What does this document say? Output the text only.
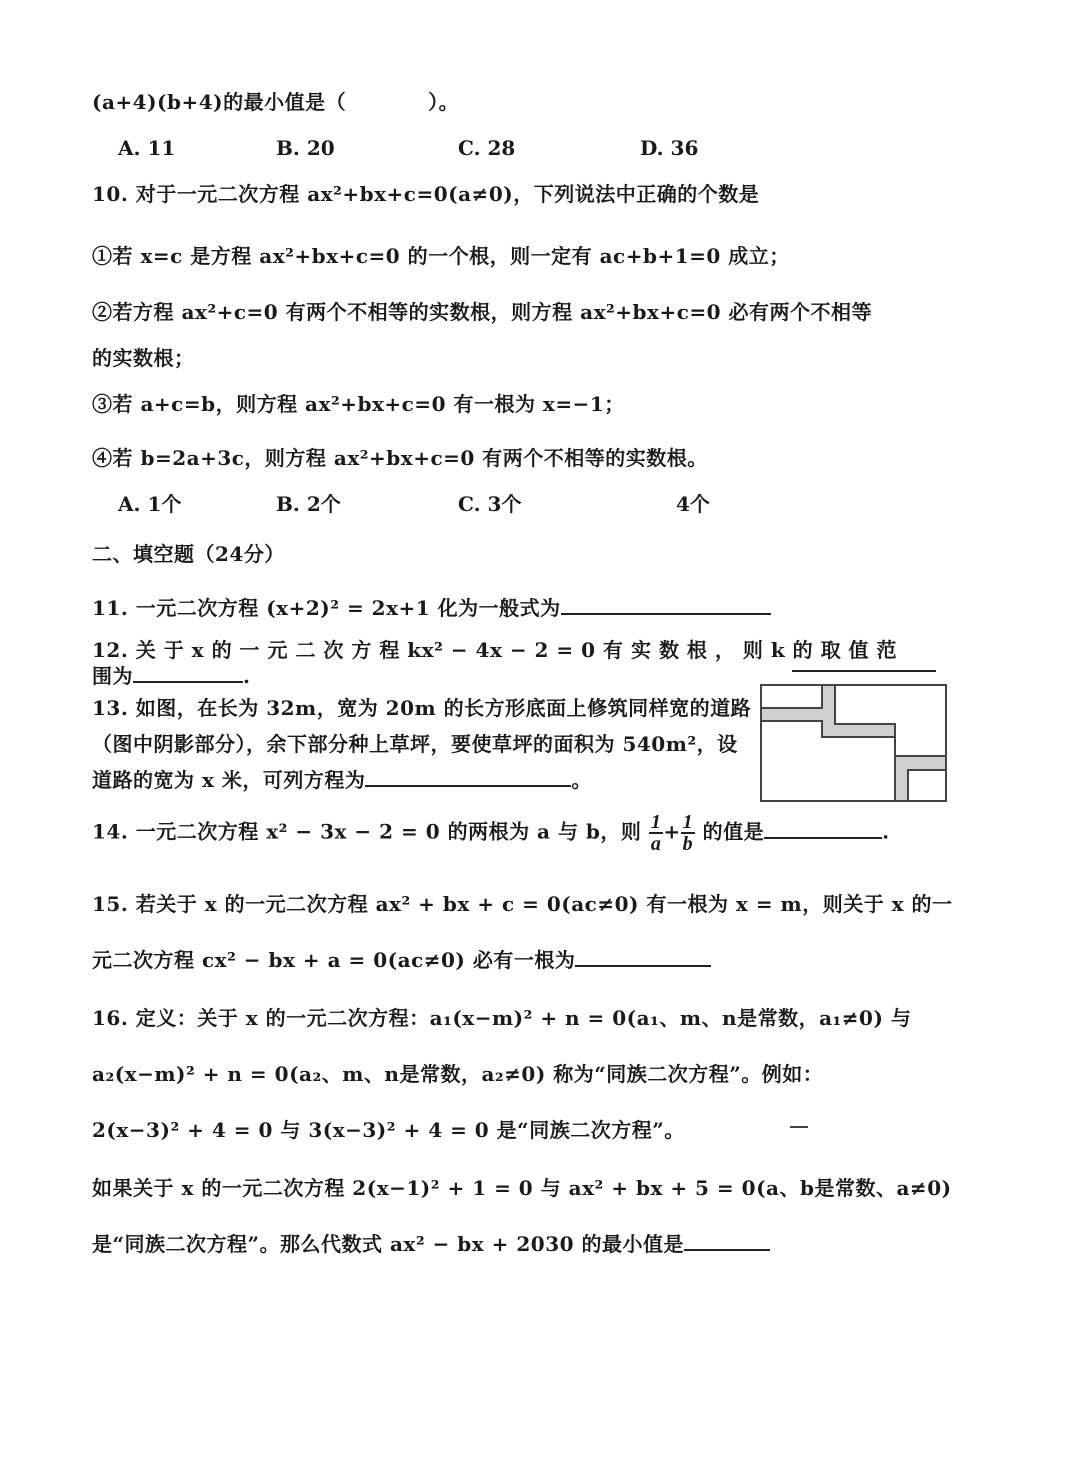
(a+4)(b+4)的最小值是（　　　　）。
A. 11	B. 20	C. 28	D. 36
10. 对于一元二次方程 ax²+bx+c=0(a≠0)，下列说法中正确的个数是
①若 x=c 是方程 ax²+bx+c=0 的一个根，则一定有 ac+b+1=0 成立；
②若方程 ax²+c=0 有两个不相等的实数根，则方程 ax²+bx+c=0 必有两个不相等
的实数根；
③若 a+c=b，则方程 ax²+bx+c=0 有一根为 x=−1；
④若 b=2a+3c，则方程 ax²+bx+c=0 有两个不相等的实数根。
A. 1个	B. 2个	C. 3个	4个
二、填空题（24分）
11. 一元二次方程 (x+2)² = 2x+1 化为一般式为
12. 关 于 x 的 一 元 二 次 方 程 kx² − 4x − 2 = 0 有 实 数 根 ， 则 k 的 取 值 范
围为	.
13. 如图，在长为 32m，宽为 20m 的长方形底面上修筑同样宽的道路
（图中阴影部分），余下部分种上草坪，要使草坪的面积为 540m²，设
道路的宽为 x 米，可列方程为	。
14. 一元二次方程 x² − 3x − 2 = 0 的两根为 a 与 b，则 $\frac{1}{a} + \frac{1}{b}$ 的值是	.
15. 若关于 x 的一元二次方程 ax² + bx + c = 0(ac≠0) 有一根为 x = m，则关于 x 的一
元二次方程 cx² − bx + a = 0(ac≠0) 必有一根为
16. 定义：关于 x 的一元二次方程：a₁(x−m)² + n = 0(a₁、m、n是常数，a₁≠0) 与
a₂(x−m)² + n = 0(a₂、m、n是常数，a₂≠0) 称为“同族二次方程”。例如：
2(x−3)² + 4 = 0 与 3(x−3)² + 4 = 0 是“同族二次方程”。
如果关于 x 的一元二次方程 2(x−1)² + 1 = 0 与 ax² + bx + 5 = 0(a、b是常数、a≠0)
是“同族二次方程”。那么代数式 ax² − bx + 2030 的最小值是
